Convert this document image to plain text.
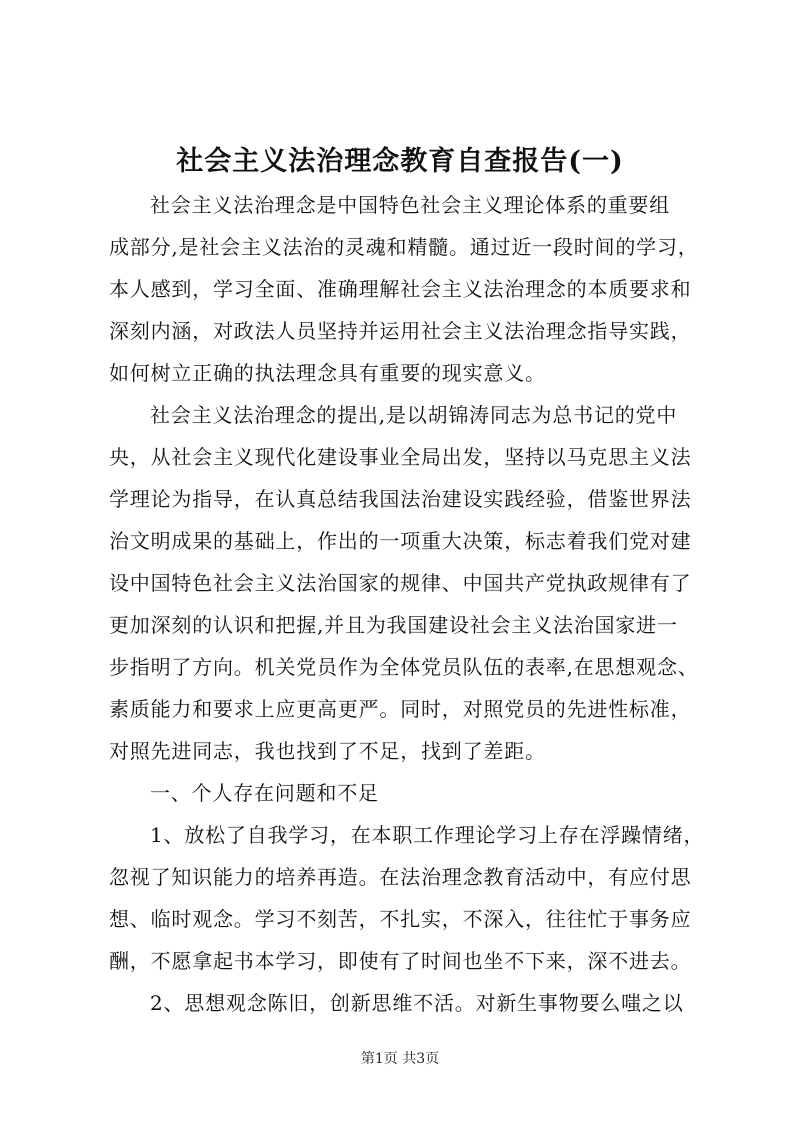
社会主义法治理念教育自查报告(一)
社会主义法治理念是中国特色社会主义理论体系的重要组
成部分,是社会主义法治的灵魂和精髓。通过近一段时间的学习，
本人感到，学习全面、准确理解社会主义法治理念的本质要求和
深刻内涵，对政法人员坚持并运用社会主义法治理念指导实践，
如何树立正确的执法理念具有重要的现实意义。
社会主义法治理念的提出,是以胡锦涛同志为总书记的党中
央，从社会主义现代化建设事业全局出发，坚持以马克思主义法
学理论为指导，在认真总结我国法治建设实践经验，借鉴世界法
治文明成果的基础上，作出的一项重大决策，标志着我们党对建
设中国特色社会主义法治国家的规律、中国共产党执政规律有了
更加深刻的认识和把握,并且为我国建设社会主义法治国家进一
步指明了方向。机关党员作为全体党员队伍的表率,在思想观念、
素质能力和要求上应更高更严。同时，对照党员的先进性标准，
对照先进同志，我也找到了不足，找到了差距。
一、个人存在问题和不足
1、放松了自我学习，在本职工作理论学习上存在浮躁情绪，
忽视了知识能力的培养再造。在法治理念教育活动中，有应付思
想、临时观念。学习不刻苦，不扎实，不深入，往往忙于事务应
酬，不愿拿起书本学习，即使有了时间也坐不下来，深不进去。
2、思想观念陈旧，创新思维不活。对新生事物要么嗤之以
第1页 共3页
